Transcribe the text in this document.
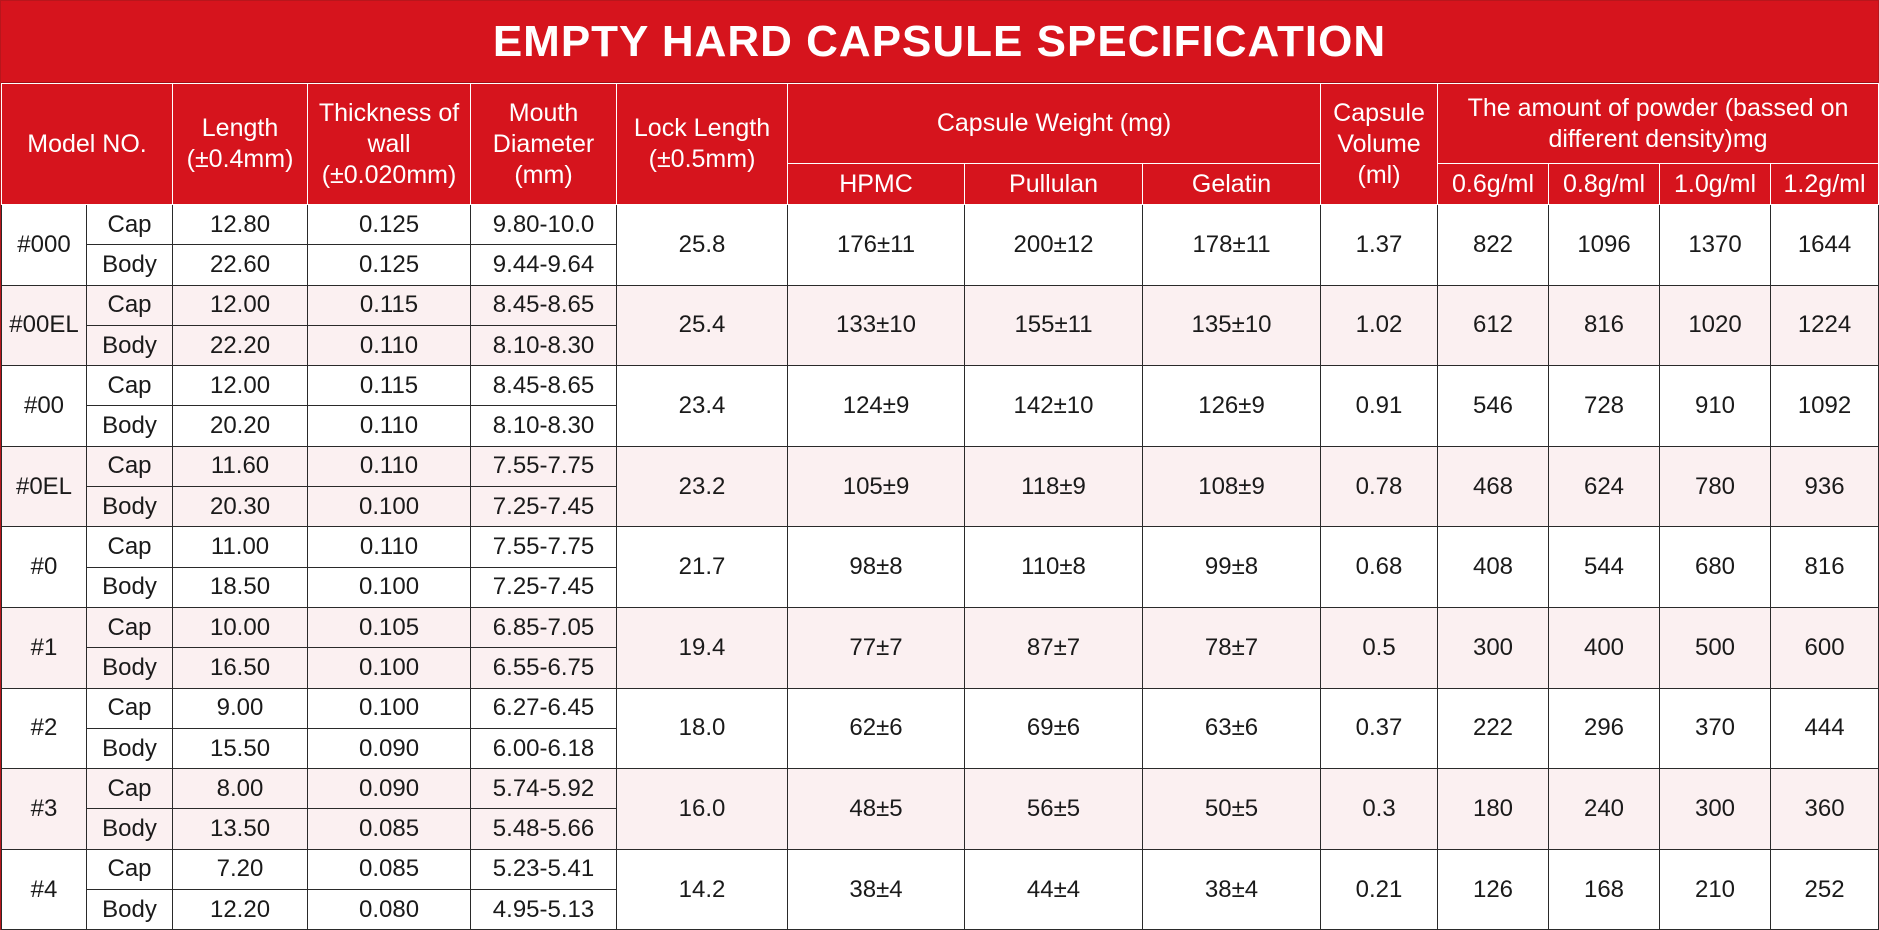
EMPTY HARD CAPSULE SPECIFICATION
Model NO.		Length (±0.4mm)	Thickness of wall (±0.020mm)	Mouth Diameter (mm)	Lock Length (±0.5mm)	Capsule Weight (mg)			Capsule Volume (ml)	The amount of powder (bassed on different density)mg			
						HPMC	Pullulan	Gelatin		0.6g/ml	0.8g/ml	1.0g/ml	1.2g/ml
#000	Cap	12.80	0.125	9.80-10.0	25.8	176±11	200±12	178±11	1.37	822	1096	1370	1644
	Body	22.60	0.125	9.44-9.64									
#00EL	Cap	12.00	0.115	8.45-8.65	25.4	133±10	155±11	135±10	1.02	612	816	1020	1224
	Body	22.20	0.110	8.10-8.30									
#00	Cap	12.00	0.115	8.45-8.65	23.4	124±9	142±10	126±9	0.91	546	728	910	1092
	Body	20.20	0.110	8.10-8.30									
#0EL	Cap	11.60	0.110	7.55-7.75	23.2	105±9	118±9	108±9	0.78	468	624	780	936
	Body	20.30	0.100	7.25-7.45									
#0	Cap	11.00	0.110	7.55-7.75	21.7	98±8	110±8	99±8	0.68	408	544	680	816
	Body	18.50	0.100	7.25-7.45									
#1	Cap	10.00	0.105	6.85-7.05	19.4	77±7	87±7	78±7	0.5	300	400	500	600
	Body	16.50	0.100	6.55-6.75									
#2	Cap	9.00	0.100	6.27-6.45	18.0	62±6	69±6	63±6	0.37	222	296	370	444
	Body	15.50	0.090	6.00-6.18									
#3	Cap	8.00	0.090	5.74-5.92	16.0	48±5	56±5	50±5	0.3	180	240	300	360
	Body	13.50	0.085	5.48-5.66									
#4	Cap	7.20	0.085	5.23-5.41	14.2	38±4	44±4	38±4	0.21	126	168	210	252
	Body	12.20	0.080	4.95-5.13									
